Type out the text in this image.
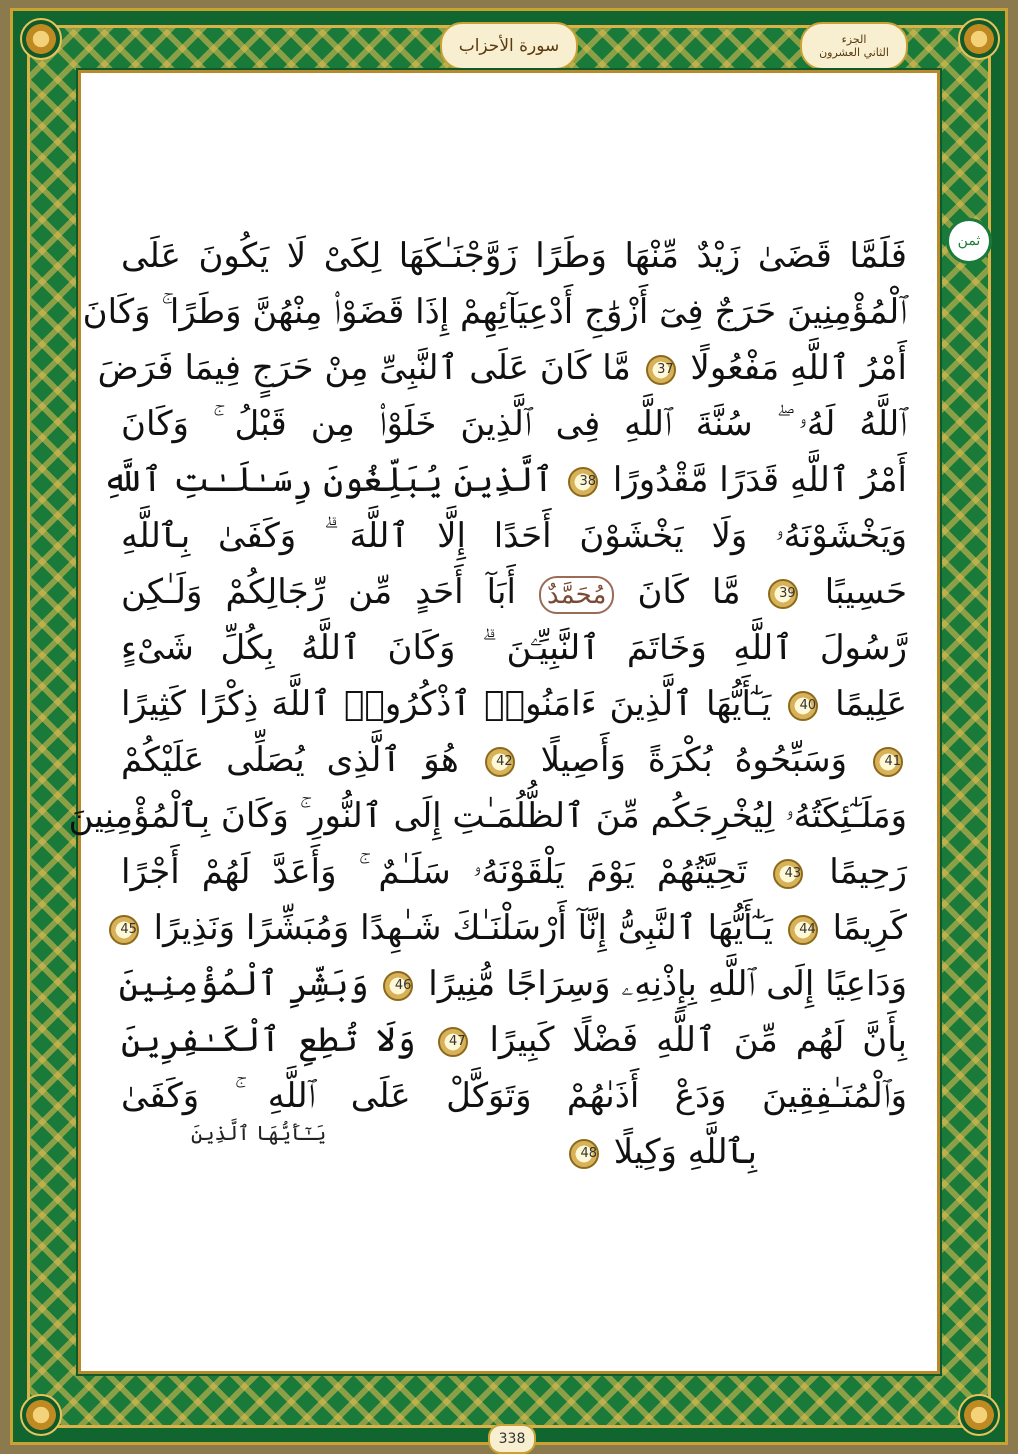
سورة الأحزاب	الجزء
الثاني العشرون
ثمن
فَلَمَّا قَضَىٰ زَيْدٌ مِّنْهَا وَطَرًا زَوَّجْنَـٰكَهَا لِكَىْ لَا يَكُونَ عَلَى
ٱلْمُؤْمِنِينَ حَرَجٌ فِىٓ أَزْوَٰجِ أَدْعِيَآئِهِمْ إِذَا قَضَوْا۟ مِنْهُنَّ وَطَرًا ۚ وَكَانَ
أَمْرُ ٱللَّهِ مَفْعُولًا 37 مَّا كَانَ عَلَى ٱلنَّبِىِّ مِنْ حَرَجٍ فِيمَا فَرَضَ
ٱللَّهُ لَهُۥ ۖ سُنَّةَ ٱللَّهِ فِى ٱلَّذِينَ خَلَوْا۟ مِن قَبْلُ ۚ وَكَانَ
أَمْرُ ٱللَّهِ قَدَرًا مَّقْدُورًا 38 ٱلَّذِينَ يُبَلِّغُونَ رِسَـٰلَـٰتِ ٱللَّهِ
وَيَخْشَوْنَهُۥ وَلَا يَخْشَوْنَ أَحَدًا إِلَّا ٱللَّهَ ۗ وَكَفَىٰ بِٱللَّهِ
حَسِيبًا 39 مَّا كَانَ مُحَمَّدٌ أَبَآ أَحَدٍ مِّن رِّجَالِكُمْ وَلَـٰكِن
رَّسُولَ ٱللَّهِ وَخَاتَمَ ٱلنَّبِيِّـۧنَ ۗ وَكَانَ ٱللَّهُ بِكُلِّ شَىْءٍ
عَلِيمًا 40 يَـٰٓأَيُّهَا ٱلَّذِينَ ءَامَنُوا۟ ٱذْكُرُوا۟ ٱللَّهَ ذِكْرًا كَثِيرًا
41 وَسَبِّحُوهُ بُكْرَةً وَأَصِيلًا 42 هُوَ ٱلَّذِى يُصَلِّى عَلَيْكُمْ
وَمَلَـٰٓئِكَتُهُۥ لِيُخْرِجَكُم مِّنَ ٱلظُّلُمَـٰتِ إِلَى ٱلنُّورِ ۚ وَكَانَ بِٱلْمُؤْمِنِينَ
رَحِيمًا 43 تَحِيَّتُهُمْ يَوْمَ يَلْقَوْنَهُۥ سَلَـٰمٌ ۚ وَأَعَدَّ لَهُمْ أَجْرًا
كَرِيمًا 44 يَـٰٓأَيُّهَا ٱلنَّبِىُّ إِنَّآ أَرْسَلْنَـٰكَ شَـٰهِدًا وَمُبَشِّرًا وَنَذِيرًا 45
وَدَاعِيًا إِلَى ٱللَّهِ بِإِذْنِهِۦ وَسِرَاجًا مُّنِيرًا 46 وَبَشِّرِ ٱلْمُؤْمِنِينَ
بِأَنَّ لَهُم مِّنَ ٱللَّهِ فَضْلًا كَبِيرًا 47 وَلَا تُطِعِ ٱلْكَـٰفِرِينَ
وَٱلْمُنَـٰفِقِينَ وَدَعْ أَذَىٰهُمْ وَتَوَكَّلْ عَلَى ٱللَّهِ ۚ وَكَفَىٰ
بِٱللَّهِ وَكِيلًا 48
يَـٰٓأَيُّهَا ٱلَّذِينَ
338
